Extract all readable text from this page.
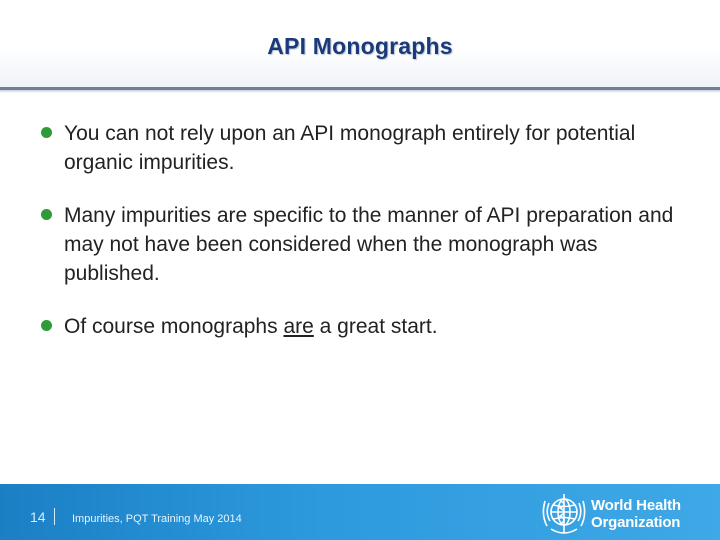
API Monographs
You can not rely upon an API monograph entirely for potential organic impurities.
Many impurities are specific to the manner of API preparation and may not have been considered when the monograph was published.
Of course monographs are a great start.
14 Impurities, PQT Training May 2014
World Health
Organization
